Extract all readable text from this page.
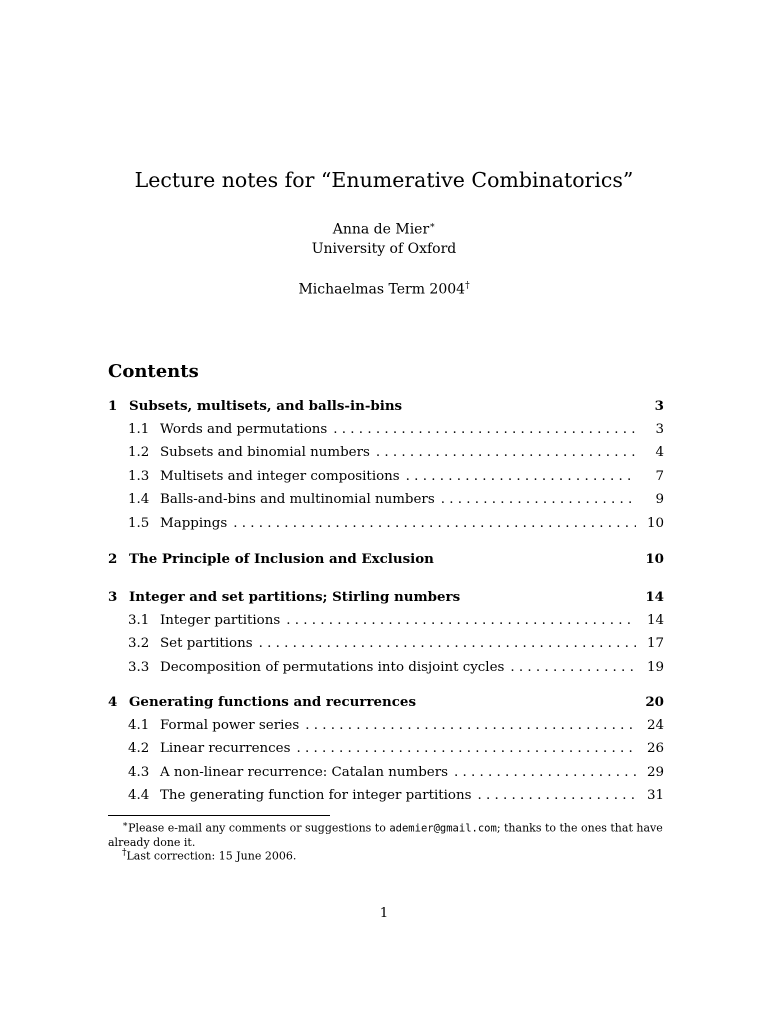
Lecture notes for “Enumerative Combinatorics”
Anna de Mier∗
University of Oxford
Michaelmas Term 2004†
Contents
1 Subsets, multisets, and balls-in-bins	3
1.1 Words and permutations . . .	3
1.2 Subsets and binomial numbers . . .	4
1.3 Multisets and integer compositions . . .	7
1.4 Balls-and-bins and multinomial numbers . . .	9
1.5 Mappings . . .	10
2 The Principle of Inclusion and Exclusion	10
3 Integer and set partitions; Stirling numbers	14
3.1 Integer partitions . . .	14
3.2 Set partitions . . .	17
3.3 Decomposition of permutations into disjoint cycles . . .	19
4 Generating functions and recurrences	20
4.1 Formal power series . . .	24
4.2 Linear recurrences . . .	26
4.3 A non-linear recurrence: Catalan numbers . . .	29
4.4 The generating function for integer partitions . . .	31
∗Please e-mail any comments or suggestions to ademier@gmail.com; thanks to the ones that have already done it.
†Last correction: 15 June 2006.
1
